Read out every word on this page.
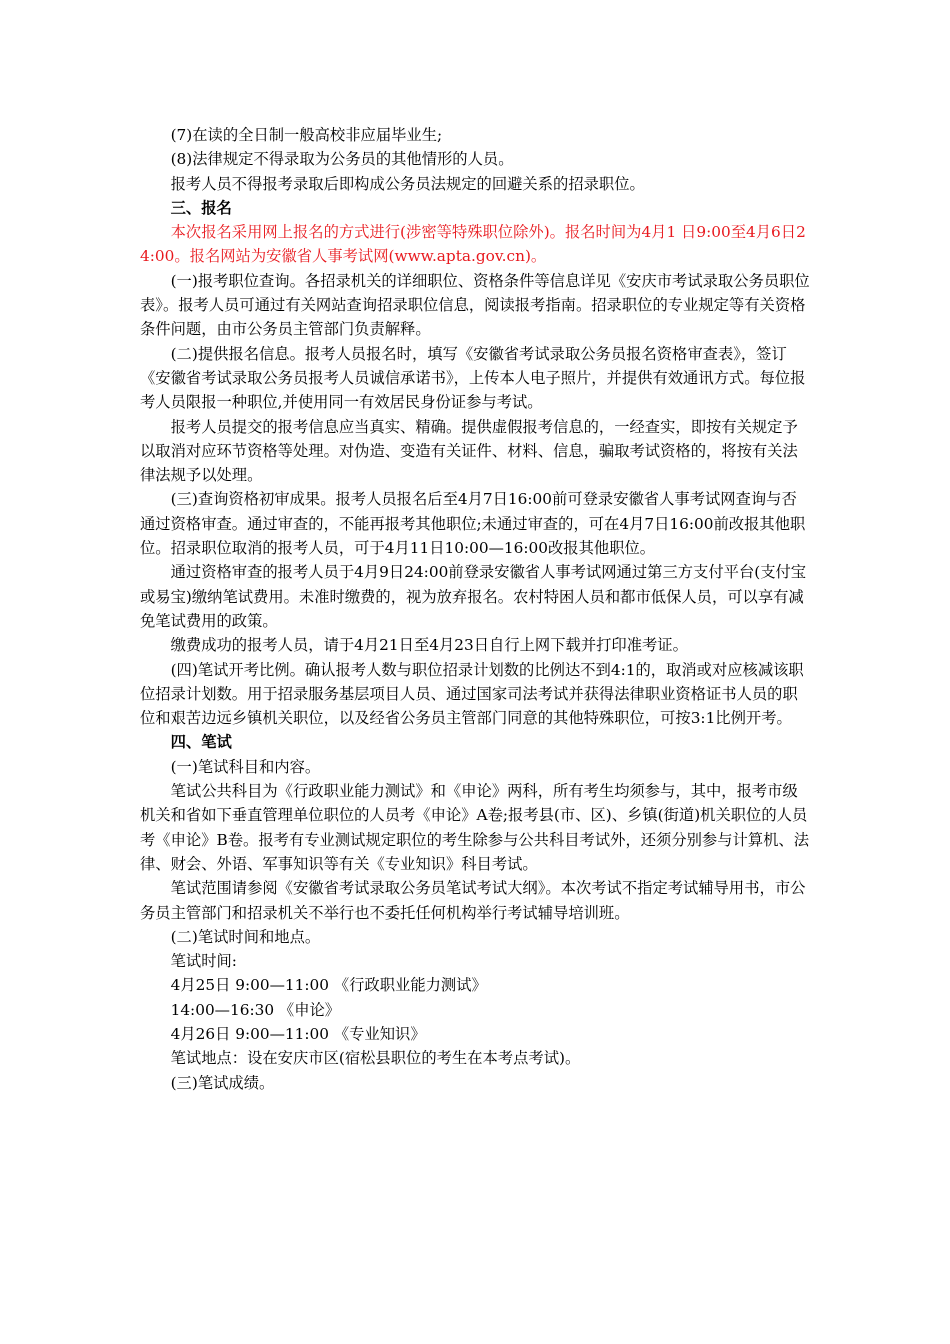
(7)在读的全日制一般高校非应届毕业生;

(8)法律规定不得录取为公务员的其他情形的人员。

报考人员不得报考录取后即构成公务员法规定的回避关系的招录职位。

三、报名

本次报名采用网上报名的方式进行(涉密等特殊职位除外)。报名时间为4月1 日9:00至4月6日24:00。报名网站为安徽省人事考试网(www.apta.gov.cn)。

(一)报考职位查询。各招录机关的详细职位、资格条件等信息详见《安庆市考试录取公务员职位表》。报考人员可通过有关网站查询招录职位信息，阅读报考指南。招录职位的专业规定等有关资格条件问题，由市公务员主管部门负责解释。

(二)提供报名信息。报考人员报名时，填写《安徽省考试录取公务员报名资格审查表》，签订《安徽省考试录取公务员报考人员诚信承诺书》，上传本人电子照片，并提供有效通讯方式。每位报考人员限报一种职位,并使用同一有效居民身份证参与考试。

报考人员提交的报考信息应当真实、精确。提供虚假报考信息的，一经查实，即按有关规定予以取消对应环节资格等处理。对伪造、变造有关证件、材料、信息，骗取考试资格的，将按有关法律法规予以处理。

(三)查询资格初审成果。报考人员报名后至4月7日16:00前可登录安徽省人事考试网查询与否通过资格审查。通过审查的，不能再报考其他职位;未通过审查的，可在4月7日16:00前改报其他职位。招录职位取消的报考人员，可于4月11日10:00—16:00改报其他职位。

通过资格审查的报考人员于4月9日24:00前登录安徽省人事考试网通过第三方支付平台(支付宝或易宝)缴纳笔试费用。未准时缴费的，视为放弃报名。农村特困人员和都市低保人员，可以享有减免笔试费用的政策。

缴费成功的报考人员，请于4月21日至4月23日自行上网下载并打印准考证。

(四)笔试开考比例。确认报考人数与职位招录计划数的比例达不到4:1的，取消或对应核减该职位招录计划数。用于招录服务基层项目人员、通过国家司法考试并获得法律职业资格证书人员的职位和艰苦边远乡镇机关职位，以及经省公务员主管部门同意的其他特殊职位，可按3:1比例开考。

四、笔试

(一)笔试科目和内容。

笔试公共科目为《行政职业能力测试》和《申论》两科，所有考生均须参与，其中，报考市级机关和省如下垂直管理单位职位的人员考《申论》A卷;报考县(市、区)、乡镇(街道)机关职位的人员考《申论》B卷。报考有专业测试规定职位的考生除参与公共科目考试外，还须分别参与计算机、法律、财会、外语、军事知识等有关《专业知识》科目考试。

笔试范围请参阅《安徽省考试录取公务员笔试考试大纲》。本次考试不指定考试辅导用书，市公务员主管部门和招录机关不举行也不委托任何机构举行考试辅导培训班。

(二)笔试时间和地点。

笔试时间:

4月25日 9:00—11:00 《行政职业能力测试》

14:00—16:30 《申论》

4月26日 9:00—11:00 《专业知识》

笔试地点：设在安庆市区(宿松县职位的考生在本考点考试)。

(三)笔试成绩。
